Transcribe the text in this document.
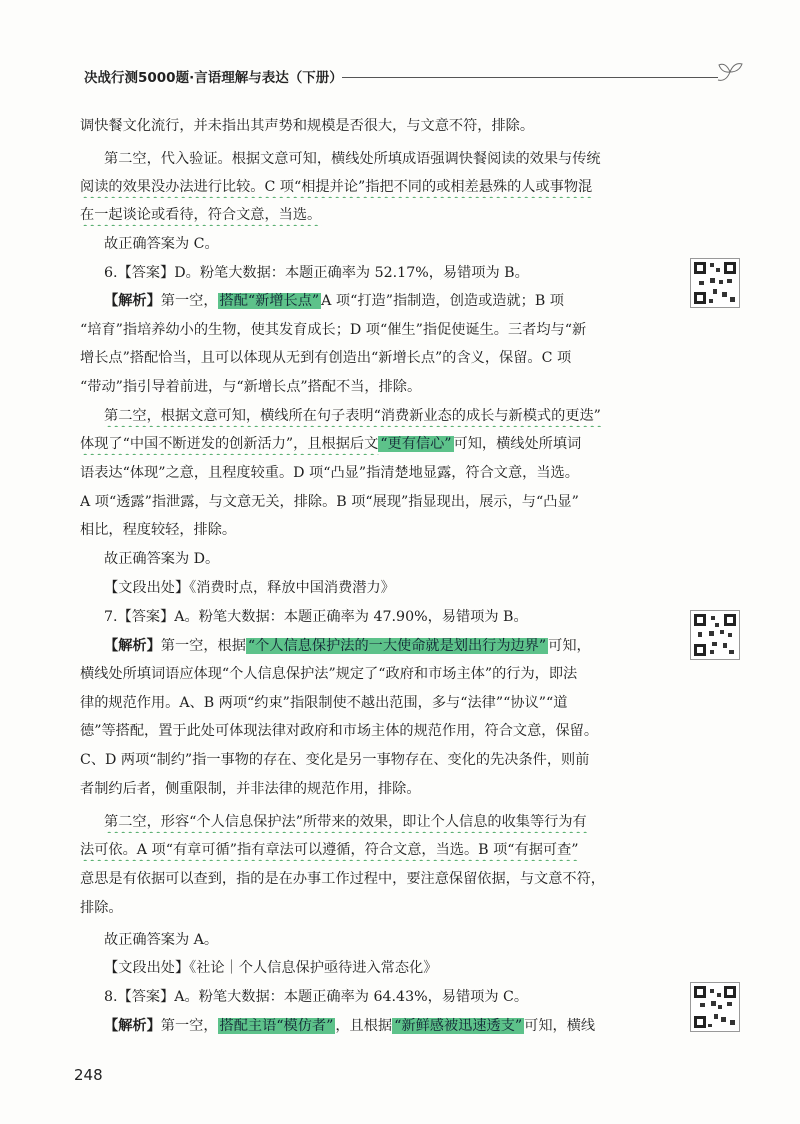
决战行测5000题·言语理解与表达（下册）
调快餐文化流行，并未指出其声势和规模是否很大，与文意不符，排除。
第二空，代入验证。根据文意可知，横线处所填成语强调快餐阅读的效果与传统
阅读的效果没办法进行比较。C 项“相提并论”指把不同的或相差悬殊的人或事物混
在一起谈论或看待，符合文意，当选。
故正确答案为 C。
6.【答案】D。粉笔大数据：本题正确率为 52.17%，易错项为 B。
【解析】第一空， 搭配“新增长点” A 项“打造”指制造，创造或造就；B 项
“培育”指培养幼小的生物，使其发育成长；D 项“催生”指促使诞生。三者均与“新
增长点”搭配恰当，且可以体现从无到有创造出“新增长点”的含义，保留。C 项
“带动”指引导着前进，与“新增长点”搭配不当，排除。
第二空，根据文意可知，横线所在句子表明“消费新业态的成长与新模式的更迭”
体现了“中国不断迸发的创新活力”，且根据后文 “更有信心” 可知，横线处所填词
语表达“体现”之意，且程度较重。D 项“凸显”指清楚地显露，符合文意，当选。
A 项“透露”指泄露，与文意无关，排除。B 项“展现”指显现出，展示，与“凸显”
相比，程度较轻，排除。
故正确答案为 D。
【文段出处】《消费时点，释放中国消费潜力》
7.【答案】A。粉笔大数据：本题正确率为 47.90%，易错项为 B。
【解析】第一空，根据 “个人信息保护法的一大使命就是划出行为边界” 可知，
横线处所填词语应体现“个人信息保护法”规定了“政府和市场主体”的行为，即法
律的规范作用。A、B 两项“约束”指限制使不越出范围，多与“法律”“协议”“道
德”等搭配，置于此处可体现法律对政府和市场主体的规范作用，符合文意，保留。
C、D 两项“制约”指一事物的存在、变化是另一事物存在、变化的先决条件，则前
者制约后者，侧重限制，并非法律的规范作用，排除。
第二空，形容“个人信息保护法”所带来的效果，即让个人信息的收集等行为有
法可依。A 项“有章可循”指有章法可以遵循，符合文意，当选。B 项“有据可查”
意思是有依据可以查到，指的是在办事工作过程中，要注意保留依据，与文意不符，
排除。
故正确答案为 A。
【文段出处】《社论｜个人信息保护亟待进入常态化》
8.【答案】A。粉笔大数据：本题正确率为 64.43%，易错项为 C。
【解析】第一空， 搭配主语“模仿者” ，且根据 “新鲜感被迅速透支” 可知，横线
248
